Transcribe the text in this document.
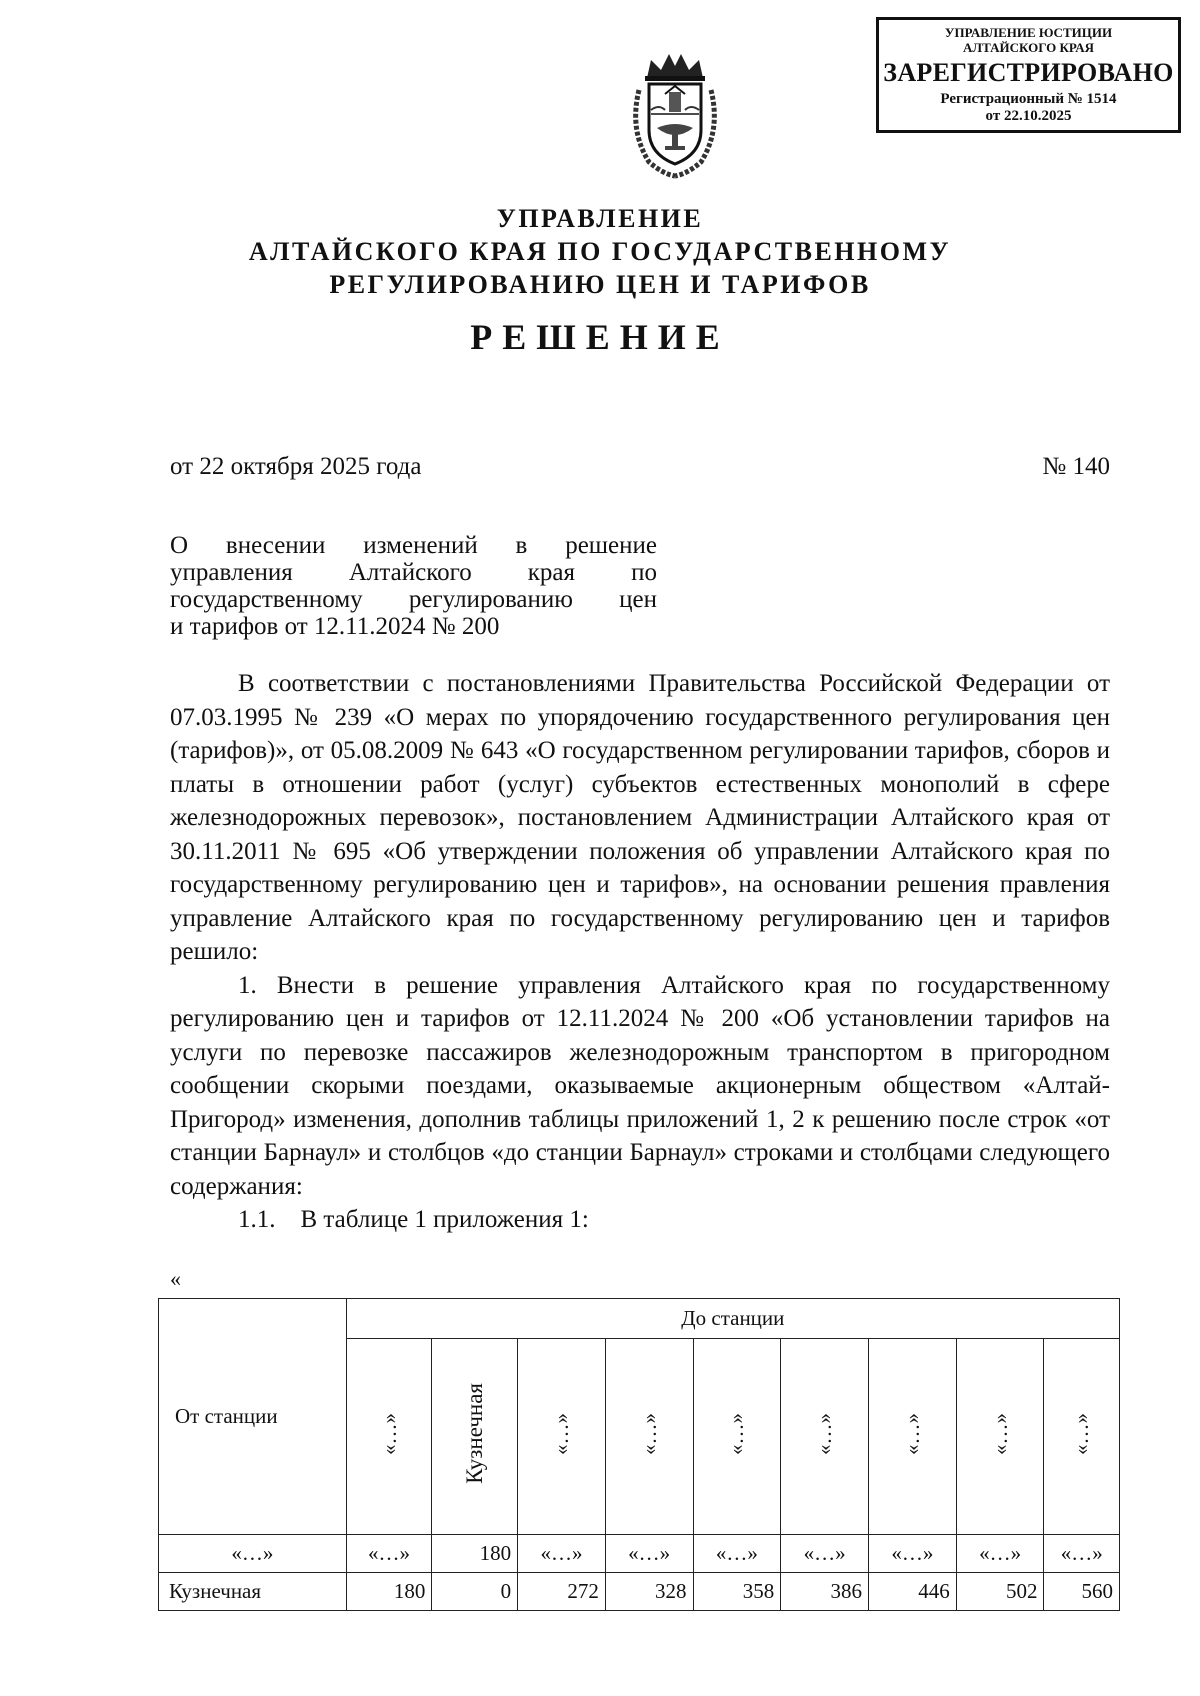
УПРАВЛЕНИЕ ЮСТИЦИИ
АЛТАЙСКОГО КРАЯ
ЗАРЕГИСТРИРОВАНО
Регистрационный № 1514
от 22.10.2025
УПРАВЛЕНИЕ
АЛТАЙСКОГО КРАЯ ПО ГОСУДАРСТВЕННОМУ
РЕГУЛИРОВАНИЮ ЦЕН И ТАРИФОВ
РЕШЕНИЕ
от 22 октября 2025 года	№ 140
О внесении изменений в решение
управления Алтайского края по
государственному регулированию цен
и тарифов от 12.11.2024 № 200

В соответствии с постановлениями Правительства Российской Федерации от 07.03.1995 № 239 «О мерах по упорядочению государственного регулирования цен (тарифов)», от 05.08.2009 № 643 «О государственном регулировании тарифов, сборов и платы в отношении работ (услуг) субъектов естественных монополий в сфере железнодорожных перевозок», постановлением Администрации Алтайского края от 30.11.2011 № 695 «Об утверждении положения об управлении Алтайского края по государственному регулированию цен и тарифов», на основании решения правления управление Алтайского края по государственному регулированию цен и тарифов решило:

1. Внести в решение управления Алтайского края по государственному регулированию цен и тарифов от 12.11.2024 № 200 «Об установлении тарифов на услуги по перевозке пассажиров железнодорожным транспортом в пригородном сообщении скорыми поездами, оказываемые акционерным обществом «Алтай-Пригород» изменения, дополнив таблицы приложений 1, 2 к решению после строк «от станции Барнаул» и столбцов «до станции Барнаул» строками и столбцами следующего содержания:

1.1.    В таблице 1 приложения 1:

«
От станции	До станции								
	«…»	Кузнечная	«…»	«…»	«…»	«…»	«…»	«…»	«…»
«…»	«…»	180	«…»	«…»	«…»	«…»	«…»	«…»	«…»
Кузнечная	180	0	272	328	358	386	446	502	560
